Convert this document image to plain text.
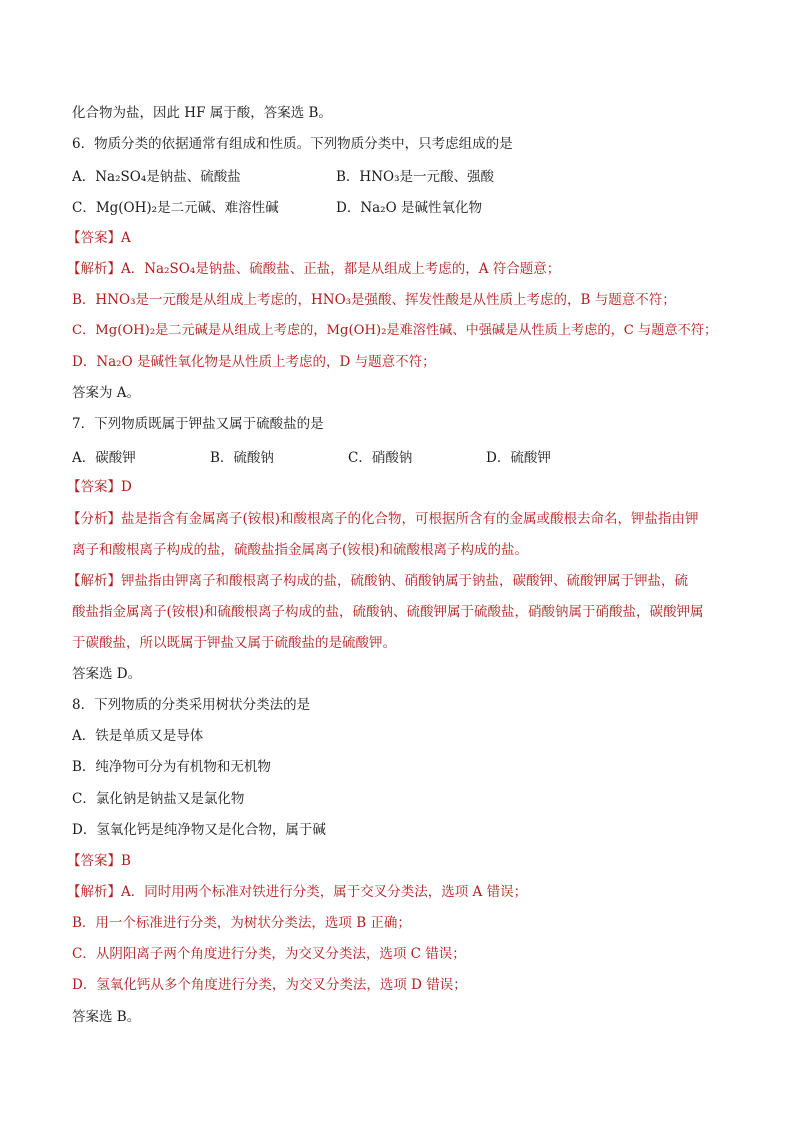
化合物为盐，因此 HF 属于酸，答案选 B。
6．物质分类的依据通常有组成和性质。下列物质分类中，只考虑组成的是
A．Na₂SO₄是钠盐、硫酸盐	B．HNO₃是一元酸、强酸
C．Mg(OH)₂是二元碱、难溶性碱	D．Na₂O 是碱性氧化物
【答案】A
【解析】A．Na₂SO₄是钠盐、硫酸盐、正盐，都是从组成上考虑的，A 符合题意；
B．HNO₃是一元酸是从组成上考虑的，HNO₃是强酸、挥发性酸是从性质上考虑的，B 与题意不符；
C．Mg(OH)₂是二元碱是从组成上考虑的，Mg(OH)₂是难溶性碱、中强碱是从性质上考虑的，C 与题意不符；
D．Na₂O 是碱性氧化物是从性质上考虑的，D 与题意不符；
答案为 A。
7．下列物质既属于钾盐又属于硫酸盐的是
A．碳酸钾	B．硫酸钠	C．硝酸钠	D．硫酸钾
【答案】D
【分析】盐是指含有金属离子(铵根)和酸根离子的化合物，可根据所含有的金属或酸根去命名，钾盐指由钾
离子和酸根离子构成的盐，硫酸盐指金属离子(铵根)和硫酸根离子构成的盐。
【解析】钾盐指由钾离子和酸根离子构成的盐，硫酸钠、硝酸钠属于钠盐，碳酸钾、硫酸钾属于钾盐，硫
酸盐指金属离子(铵根)和硫酸根离子构成的盐，硫酸钠、硫酸钾属于硫酸盐，硝酸钠属于硝酸盐，碳酸钾属
于碳酸盐，所以既属于钾盐又属于硫酸盐的是硫酸钾。
答案选 D。
8．下列物质的分类采用树状分类法的是
A．铁是单质又是导体
B．纯净物可分为有机物和无机物
C．氯化钠是钠盐又是氯化物
D．氢氧化钙是纯净物又是化合物，属于碱
【答案】B
【解析】A．同时用两个标准对铁进行分类，属于交叉分类法，选项 A 错误；
B．用一个标准进行分类，为树状分类法，选项 B 正确；
C．从阴阳离子两个角度进行分类，为交叉分类法，选项 C 错误；
D．氢氧化钙从多个角度进行分类，为交叉分类法，选项 D 错误；
答案选 B。
